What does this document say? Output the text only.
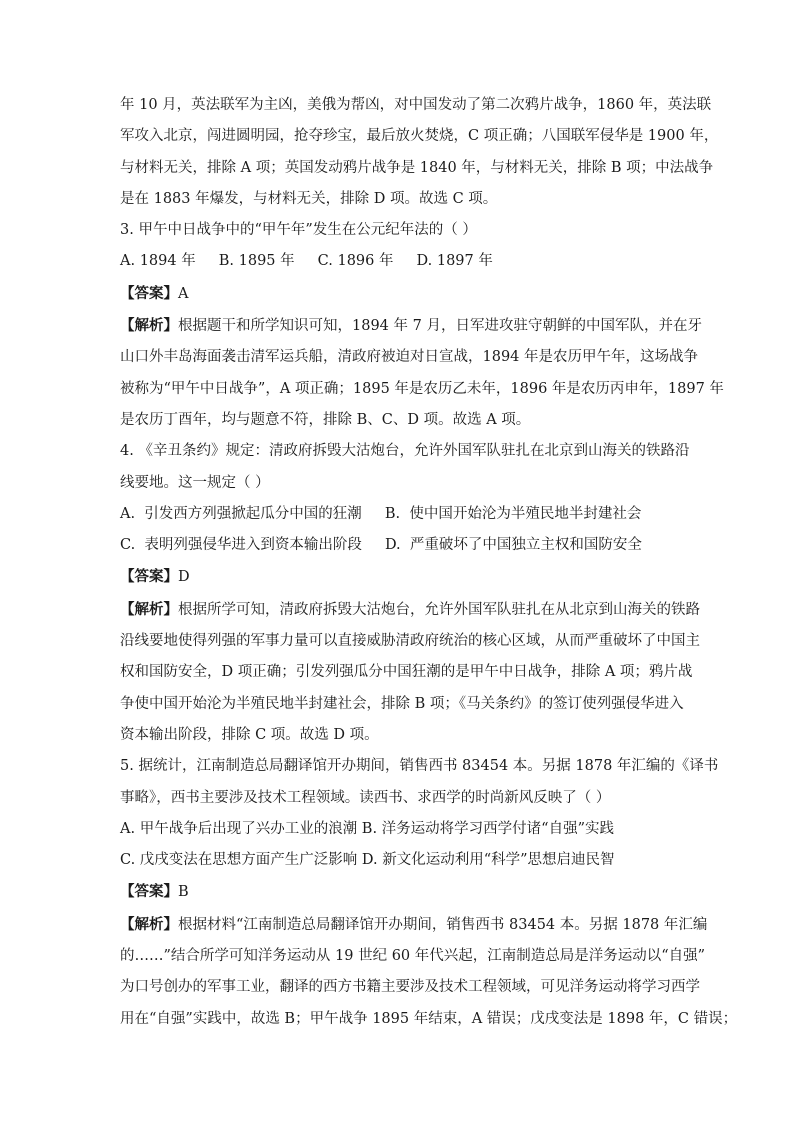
年 10 月，英法联军为主凶，美俄为帮凶，对中国发动了第二次鸦片战争，1860 年，英法联
军攻入北京，闯进圆明园，抢夺珍宝，最后放火焚烧，C 项正确；八国联军侵华是 1900 年，
与材料无关，排除 A 项；英国发动鸦片战争是 1840 年，与材料无关，排除 B 项；中法战争
是在 1883 年爆发，与材料无关，排除 D 项。故选 C 项。
3. 甲午中日战争中的“甲午年”发生在公元纪年法的（ ）
A. 1894 年     B. 1895 年     C. 1896 年     D. 1897 年
【答案】A
【解析】根据题干和所学知识可知，1894 年 7 月，日军进攻驻守朝鲜的中国军队，并在牙
山口外丰岛海面袭击清军运兵船，清政府被迫对日宣战，1894 年是农历甲午年，这场战争
被称为“甲午中日战争”，A 项正确；1895 年是农历乙未年，1896 年是农历丙申年，1897 年
是农历丁酉年，均与题意不符，排除 B、C、D 项。故选 A 项。
4. 《辛丑条约》规定：清政府拆毁大沽炮台，允许外国军队驻扎在北京到山海关的铁路沿
线要地。这一规定（ ）
A.  引发西方列强掀起瓜分中国的狂潮     B.  使中国开始沦为半殖民地半封建社会
C.  表明列强侵华进入到资本输出阶段     D.  严重破坏了中国独立主权和国防安全
【答案】D
【解析】根据所学可知，清政府拆毁大沽炮台，允许外国军队驻扎在从北京到山海关的铁路
沿线要地使得列强的军事力量可以直接威胁清政府统治的核心区域，从而严重破坏了中国主
权和国防安全，D 项正确；引发列强瓜分中国狂潮的是甲午中日战争，排除 A 项；鸦片战
争使中国开始沦为半殖民地半封建社会，排除 B 项；《马关条约》的签订使列强侵华进入
资本输出阶段，排除 C 项。故选 D 项。
5. 据统计，江南制造总局翻译馆开办期间，销售西书 83454 本。另据 1878 年汇编的《译书
事略》，西书主要涉及技术工程领域。读西书、求西学的时尚新风反映了（ ）
A. 甲午战争后出现了兴办工业的浪潮 B. 洋务运动将学习西学付诸“自强”实践
C. 戊戌变法在思想方面产生广泛影响 D. 新文化运动利用“科学”思想启迪民智
【答案】B
【解析】根据材料“江南制造总局翻译馆开办期间，销售西书 83454 本。另据 1878 年汇编
的……”结合所学可知洋务运动从 19 世纪 60 年代兴起，江南制造总局是洋务运动以“自强”
为口号创办的军事工业，翻译的西方书籍主要涉及技术工程领域，可见洋务运动将学习西学
用在“自强”实践中，故选 B；甲午战争 1895 年结束，A 错误；戊戌变法是 1898 年，C 错误；
